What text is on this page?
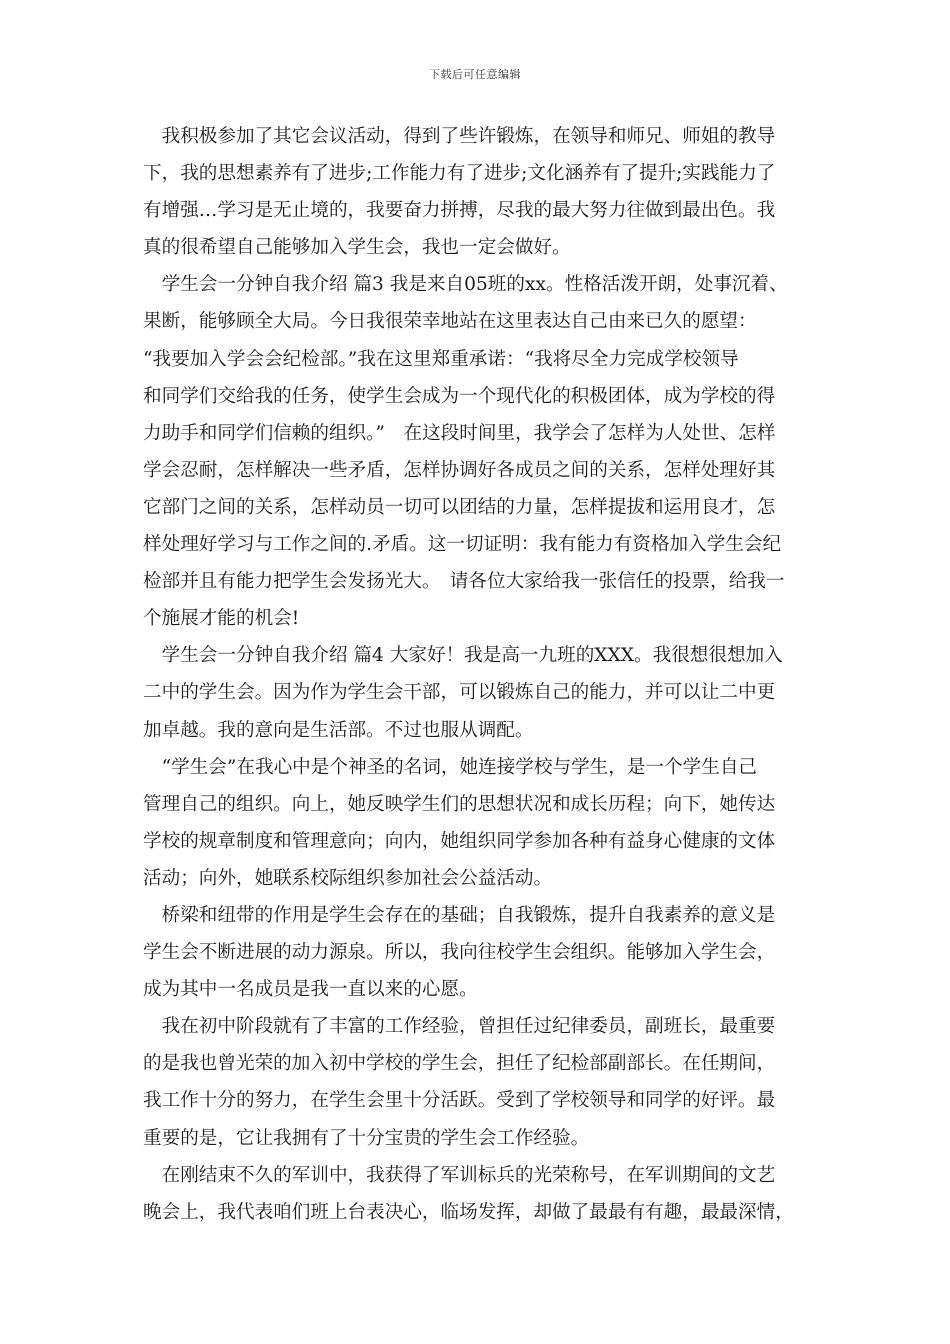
下载后可任意编辑
　我积极参加了其它会议活动，得到了些许锻炼，在领导和师兄、师姐的教导
下，我的思想素养有了进步;工作能力有了进步;文化涵养有了提升;实践能力了
有增强…学习是无止境的，我要奋力拼搏，尽我的最大努力往做到最出色。我
真的很希望自己能够加入学生会，我也一定会做好。
　学生会一分钟自我介绍 篇3 我是来自05班的xx。性格活泼开朗，处事沉着、
果断，能够顾全大局。今日我很荣幸地站在这里表达自己由来已久的愿望：
“我要加入学会会纪检部。”我在这里郑重承诺：“我将尽全力完成学校领导
和同学们交给我的任务，使学生会成为一个现代化的积极团体，成为学校的得
力助手和同学们信赖的组织。”　在这段时间里，我学会了怎样为人处世、怎样
学会忍耐，怎样解决一些矛盾，怎样协调好各成员之间的关系，怎样处理好其
它部门之间的关系，怎样动员一切可以团结的力量，怎样提拔和运用良才，怎
样处理好学习与工作之间的.矛盾。这一切证明：我有能力有资格加入学生会纪
检部并且有能力把学生会发扬光大。　请各位大家给我一张信任的投票，给我一
个施展才能的机会!
　学生会一分钟自我介绍 篇4 大家好！我是高一九班的XXX。我很想很想加入
二中的学生会。因为作为学生会干部，可以锻炼自己的能力，并可以让二中更
加卓越。我的意向是生活部。不过也服从调配。
　“学生会”在我心中是个神圣的名词，她连接学校与学生，是一个学生自己
管理自己的组织。向上，她反映学生们的思想状况和成长历程；向下，她传达
学校的规章制度和管理意向；向内，她组织同学参加各种有益身心健康的文体
活动；向外，她联系校际组织参加社会公益活动。
　桥梁和纽带的作用是学生会存在的基础；自我锻炼，提升自我素养的意义是
学生会不断进展的动力源泉。所以，我向往校学生会组织。能够加入学生会，
成为其中一名成员是我一直以来的心愿。
　我在初中阶段就有了丰富的工作经验，曾担任过纪律委员，副班长，最重要
的是我也曾光荣的加入初中学校的学生会，担任了纪检部副部长。在任期间，
我工作十分的努力，在学生会里十分活跃。受到了学校领导和同学的好评。最
重要的是，它让我拥有了十分宝贵的学生会工作经验。
　在刚结束不久的军训中，我获得了军训标兵的光荣称号，在军训期间的文艺
晚会上，我代表咱们班上台表决心，临场发挥，却做了最最有有趣，最最深情，
